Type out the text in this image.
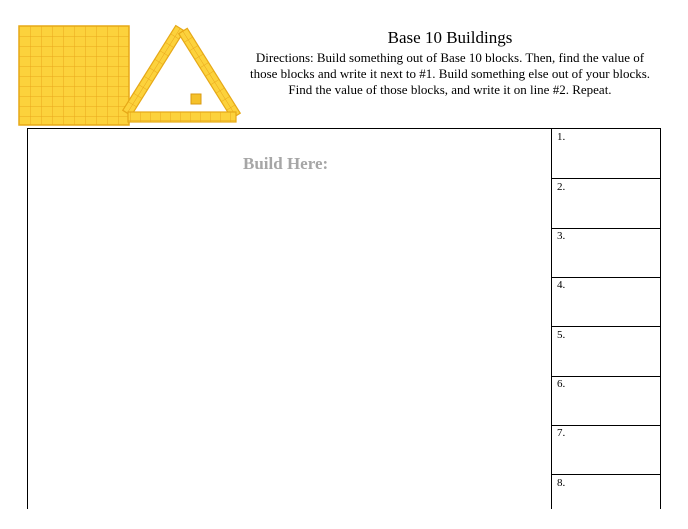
Base 10 Buildings
Directions: Build something out of Base 10 blocks. Then, find the value of those blocks and write it next to #1. Build something else out of your blocks. Find the value of those blocks, and write it on line #2. Repeat.
Build Here:
1.
2.
3.
4.
5.
6.
7.
8.
